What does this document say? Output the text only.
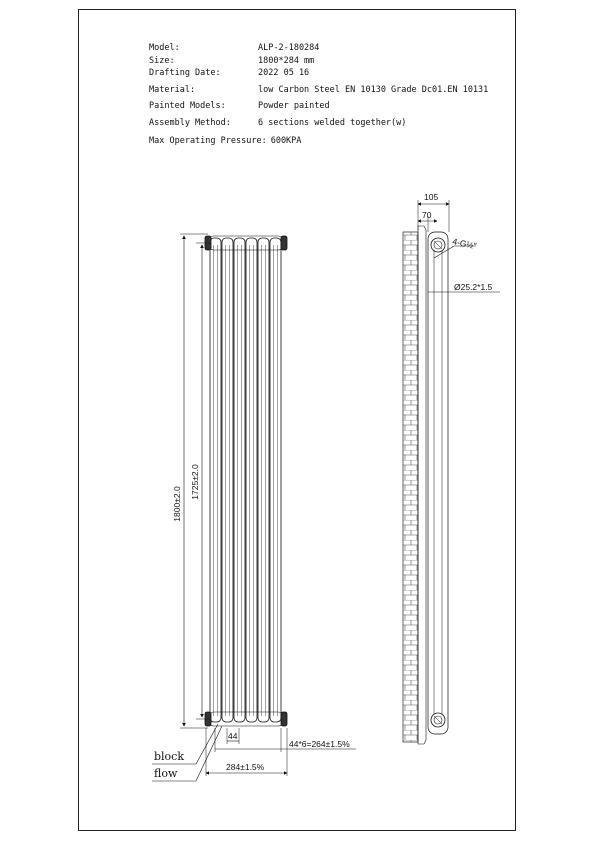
Model:	ALP-2-180284
Size:	1800*284 mm
Drafting Date:	2022 05 16
Material:	low Carbon Steel EN 10130 Grade Dc01.EN 10131
Painted Models:	Powder painted
Assembly Method:	6 sections welded together(w)
Max Operating Pressure: 600KPA
1800±2.0
1725±2.0
44
44*6=264±1.5%
284±1.5%
105
70
4-G½"
Ø25.2*1.5
block
flow
